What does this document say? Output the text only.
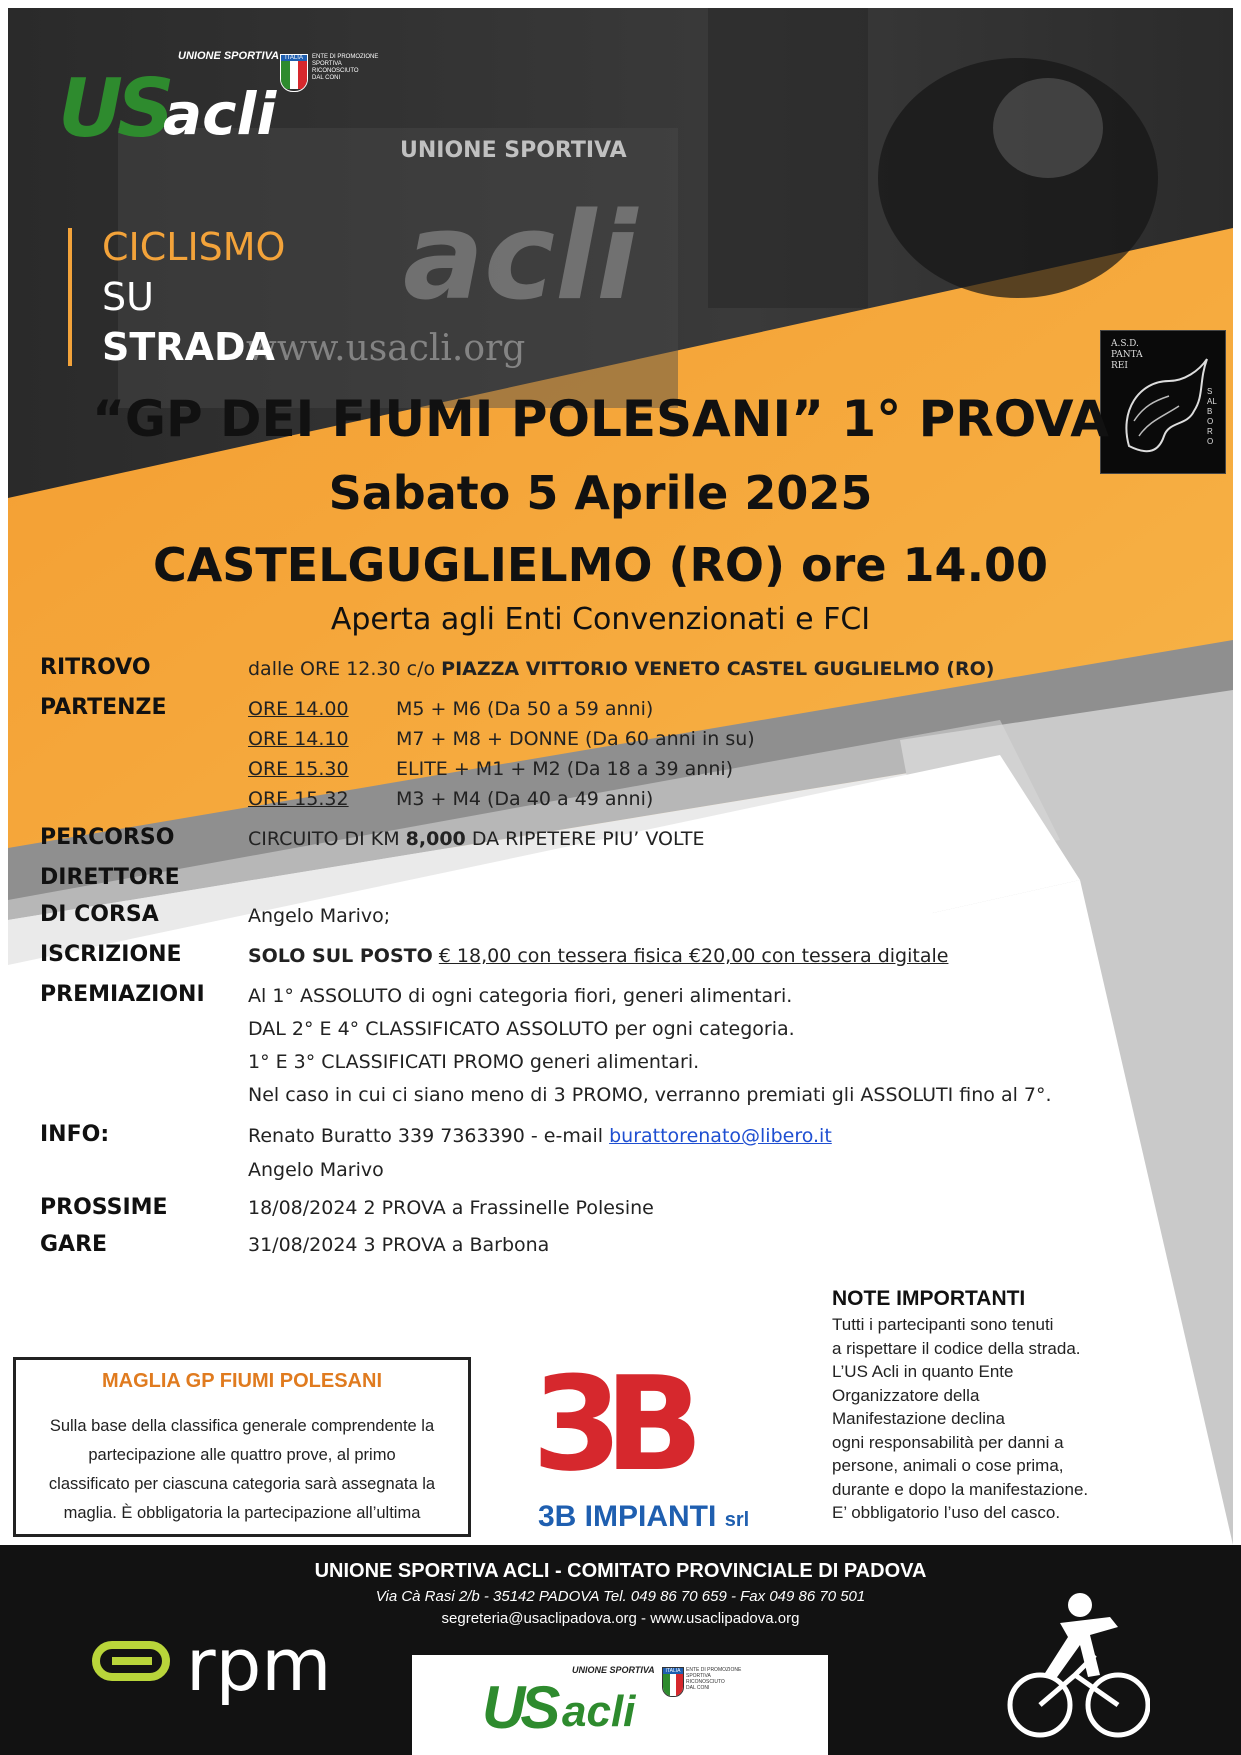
UNIONE SPORTIVA
acli
www.usacli.org
US
acli
UNIONE SPORTIVA ITALIA	ENTE DI PROMOZIONE
SPORTIVA
RICONOSCIUTO
DAL CONI
CICLISMO
SU
STRADA	A.S.D.
PANTA
REI
SALBORO
“GP DEI FIUMI POLESANI” 1° PROVA
Sabato 5 Aprile 2025
CASTELGUGLIELMO (RO) ore 14.00
Aperta agli Enti Convenzionati e FCI
RITROVO	dalle ORE 12.30 c/o PIAZZA VITTORIO VENETO CASTEL GUGLIELMO (RO)
PARTENZE	ORE 14.00 M5 + M6 (Da 50 a 59 anni)
ORE 14.10 M7 + M8 + DONNE (Da 60 anni in su)
ORE 15.30 ELITE + M1 + M2 (Da 18 a 39 anni)
ORE 15.32 M3 + M4 (Da 40 a 49 anni)
PERCORSO	CIRCUITO DI KM 8,000 DA RIPETERE PIU’ VOLTE
DIRETTORE
DI CORSA	Angelo Marivo;
ISCRIZIONE	SOLO SUL POSTO € 18,00 con tessera fisica €20,00 con tessera digitale
PREMIAZIONI Al 1° ASSOLUTO di ogni categoria fiori, generi alimentari.
DAL 2° E 4° CLASSIFICATO ASSOLUTO per ogni categoria.
1° E 3° CLASSIFICATI PROMO generi alimentari.
Nel caso in cui ci siano meno di 3 PROMO, verranno premiati gli ASSOLUTI fino al 7°.
INFO:	Renato Buratto 339 7363390 - e-mail burattorenato@libero.it
Angelo Marivo
PROSSIME
GARE
18/08/2024 2 PROVA a Frassinelle Polesine
31/08/2024 3 PROVA a Barbona
MAGLIA GP FIUMI POLESANI
Sulla base della classifica generale comprendente la
partecipazione alle quattro prove, al primo
classificato per ciascuna categoria sarà assegnata la
maglia. È obbligatoria la partecipazione all’ultima
3B
3B IMPIANTI srl
NOTE IMPORTANTI
Tutti i partecipanti sono tenuti
a rispettare il codice della strada.
L’US Acli in quanto Ente
Organizzatore della
Manifestazione declina
ogni responsabilità per danni a
persone, animali o cose prima,
durante e dopo la manifestazione.
E’ obbligatorio l’uso del casco.
UNIONE SPORTIVA ACLI - COMITATO PROVINCIALE DI PADOVA
Via Cà Rasi 2/b - 35142 PADOVA Tel. 049 86 70 659 - Fax 049 86 70 501
segreteria@usaclipadova.org - www.usaclipadova.org
rpm
US acli
UNIONE SPORTIVA	ITALIA	ENTE DI PROMOZIONE
SPORTIVA
RICONOSCIUTO
DAL CONI
